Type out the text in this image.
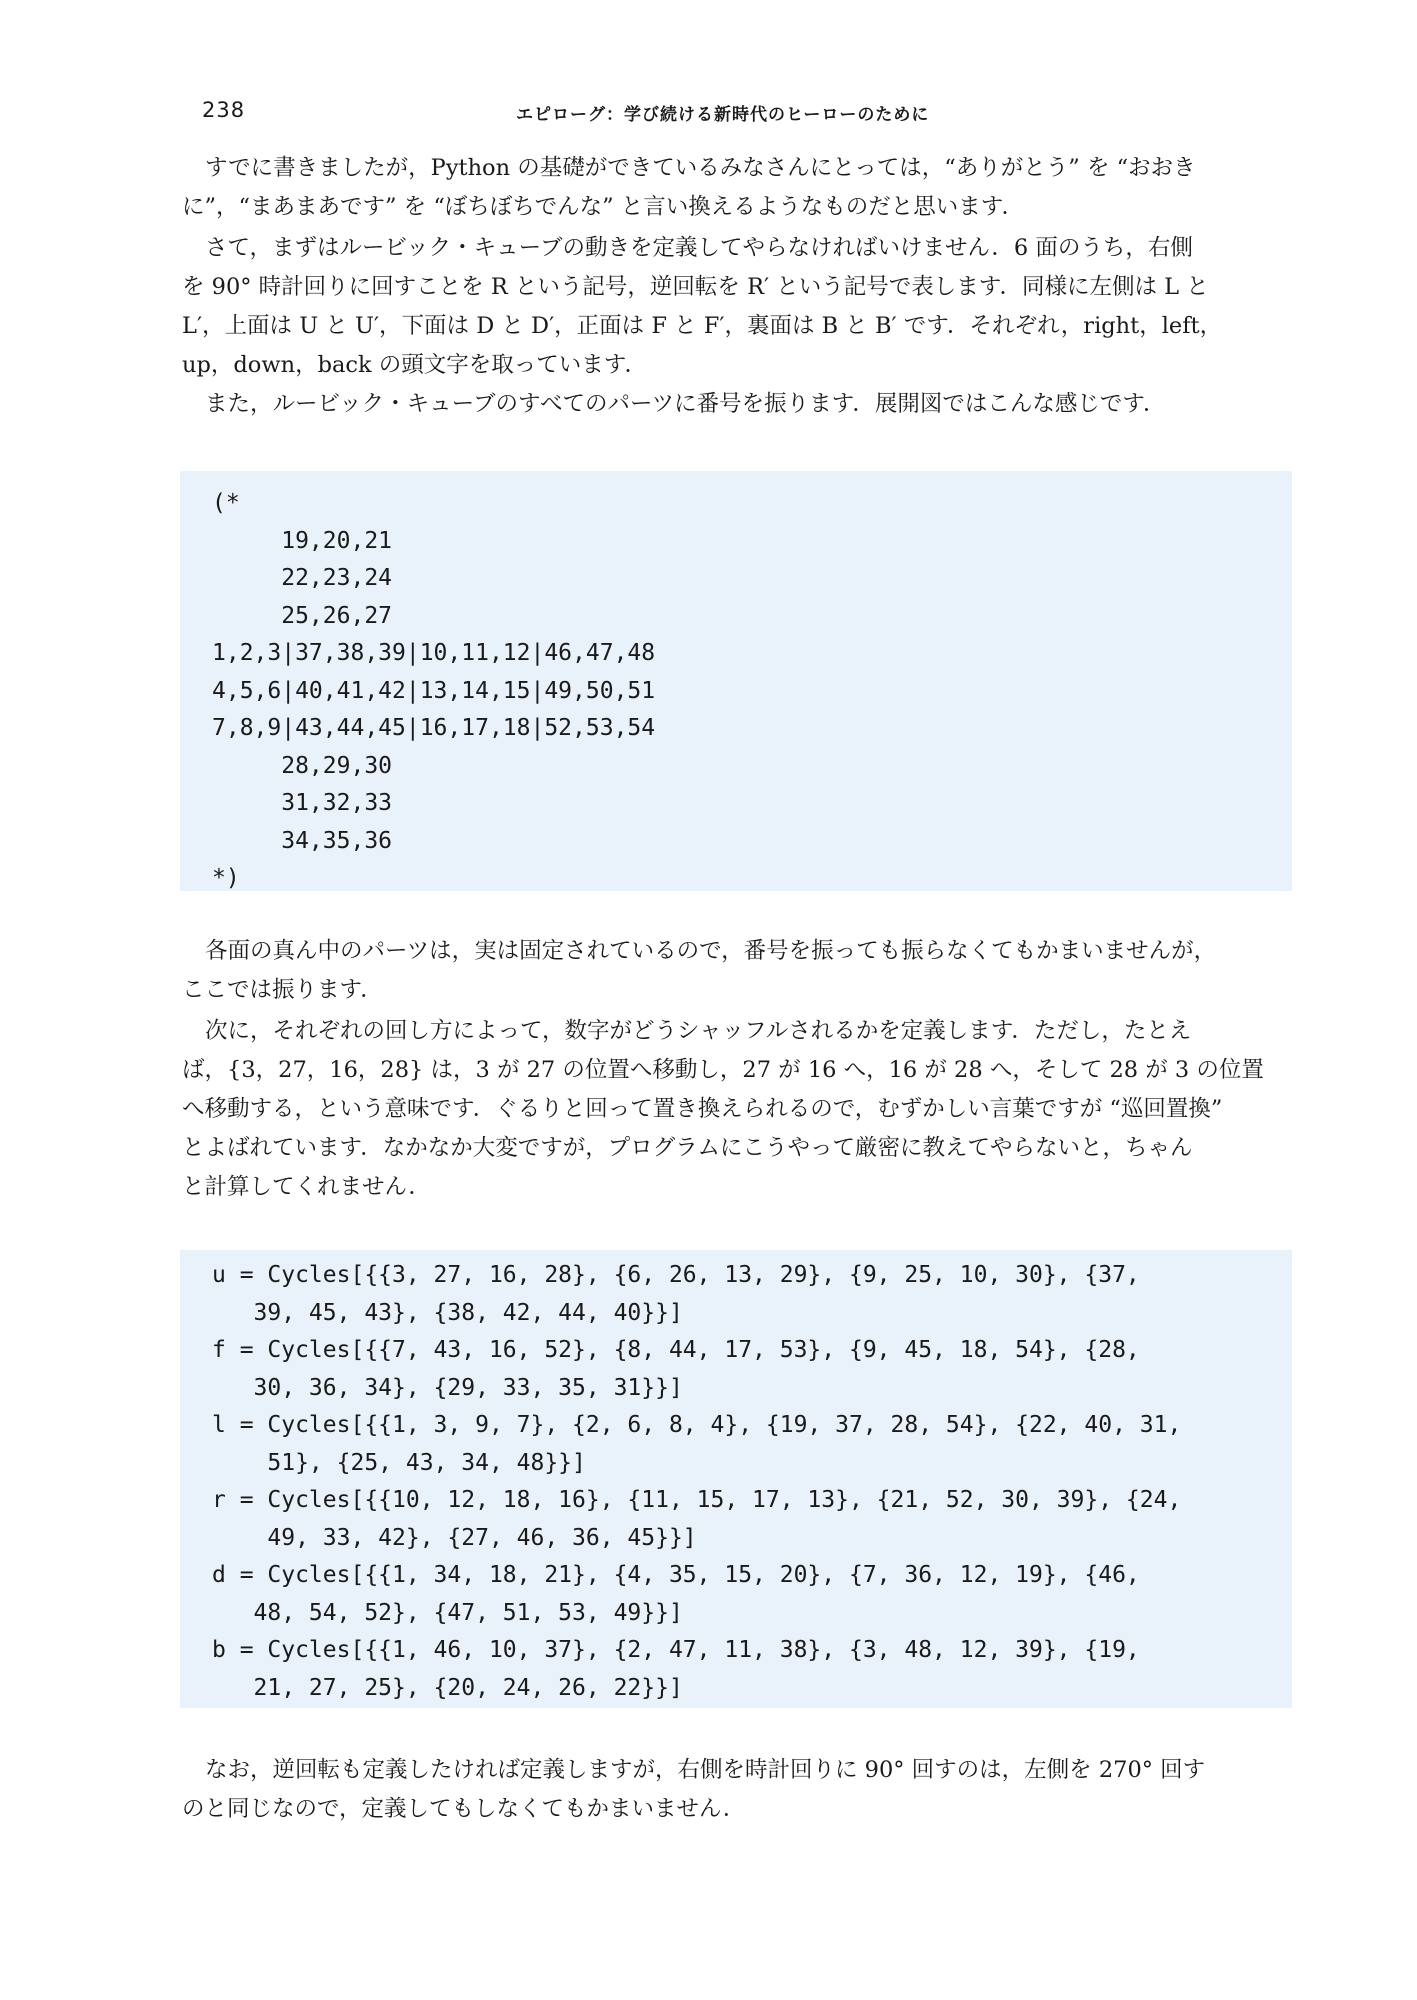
238	エピローグ：学び続ける新時代のヒーローのために
すでに書きましたが，Python の基礎ができているみなさんにとっては，“ありがとう” を “おおき
に”，“まあまあです” を “ぼちぼちでんな” と言い換えるようなものだと思います．
さて，まずはルービック・キューブの動きを定義してやらなければいけません．6 面のうち，右側
を 90° 時計回りに回すことを R という記号，逆回転を R′ という記号で表します．同様に左側は L と
L′，上面は U と U′，下面は D と D′，正面は F と F′，裏面は B と B′ です．それぞれ，right，left，
up，down，back の頭文字を取っています．
また，ルービック・キューブのすべてのパーツに番号を振ります．展開図ではこんな感じです．
(*
19,20,21
22,23,24
25,26,27
1,2,3|37,38,39|10,11,12|46,47,48
4,5,6|40,41,42|13,14,15|49,50,51
7,8,9|43,44,45|16,17,18|52,53,54
28,29,30
31,32,33
34,35,36
*)
各面の真ん中のパーツは，実は固定されているので，番号を振っても振らなくてもかまいませんが，
ここでは振ります．
次に，それぞれの回し方によって，数字がどうシャッフルされるかを定義します．ただし，たとえ
ば，{3，27，16，28} は，3 が 27 の位置へ移動し，27 が 16 へ，16 が 28 へ，そして 28 が 3 の位置
へ移動する，という意味です．ぐるりと回って置き換えられるので，むずかしい言葉ですが “巡回置換”
とよばれています．なかなか大変ですが，プログラムにこうやって厳密に教えてやらないと，ちゃん
と計算してくれません．
u = Cycles[{{3, 27, 16, 28}, {6, 26, 13, 29}, {9, 25, 10, 30}, {37,
39, 45, 43}, {38, 42, 44, 40}}]
f = Cycles[{{7, 43, 16, 52}, {8, 44, 17, 53}, {9, 45, 18, 54}, {28,
30, 36, 34}, {29, 33, 35, 31}}]
l = Cycles[{{1, 3, 9, 7}, {2, 6, 8, 4}, {19, 37, 28, 54}, {22, 40, 31,
51}, {25, 43, 34, 48}}]
r = Cycles[{{10, 12, 18, 16}, {11, 15, 17, 13}, {21, 52, 30, 39}, {24,
49, 33, 42}, {27, 46, 36, 45}}]
d = Cycles[{{1, 34, 18, 21}, {4, 35, 15, 20}, {7, 36, 12, 19}, {46,
48, 54, 52}, {47, 51, 53, 49}}]
b = Cycles[{{1, 46, 10, 37}, {2, 47, 11, 38}, {3, 48, 12, 39}, {19,
21, 27, 25}, {20, 24, 26, 22}}]
なお，逆回転も定義したければ定義しますが，右側を時計回りに 90° 回すのは，左側を 270° 回す
のと同じなので，定義してもしなくてもかまいません．
